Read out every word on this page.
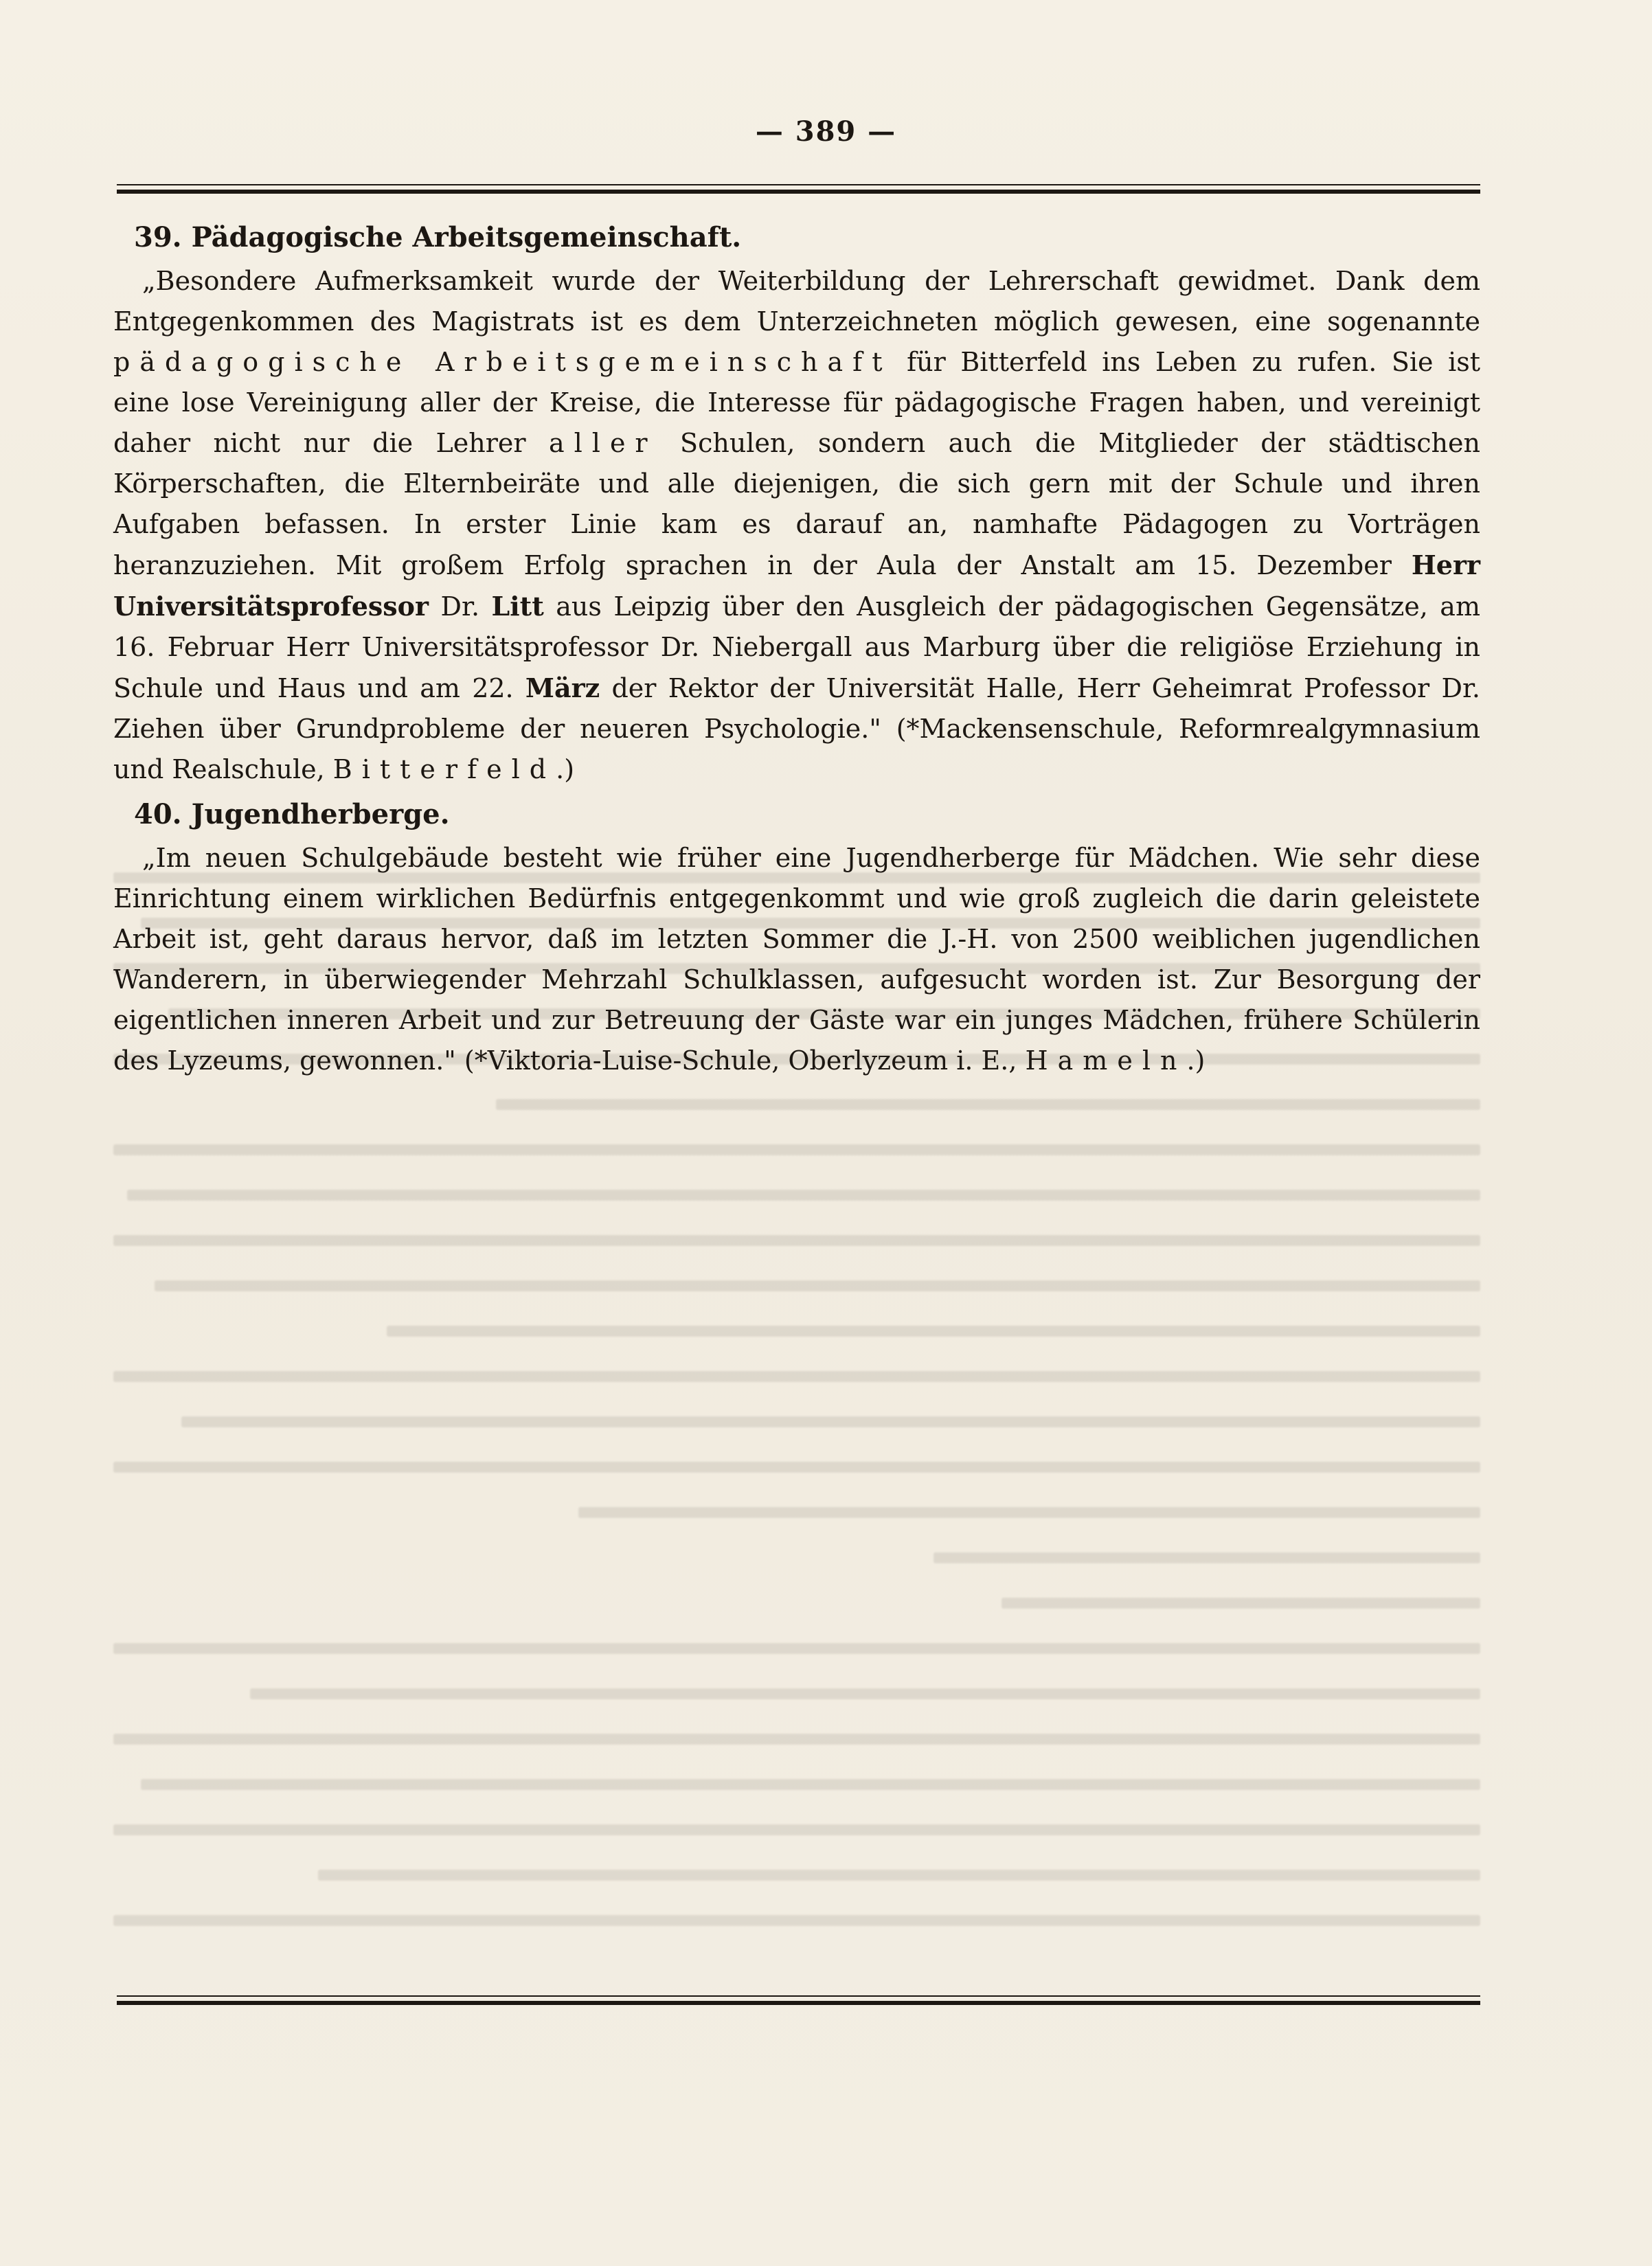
— 389 —
39. Pädagogische Arbeitsgemeinschaft.

„Besondere Aufmerksamkeit wurde der Weiterbildung der Lehrerschaft gewidmet. Dank dem Entgegenkommen des Magistrats ist es dem Unterzeichneten möglich gewesen, eine sogenannte pädagogische Arbeitsgemeinschaft für Bitterfeld ins Leben zu rufen. Sie ist eine lose Vereinigung aller der Kreise, die Interesse für pädagogische Fragen haben, und vereinigt daher nicht nur die Lehrer aller Schulen, sondern auch die Mitglieder der städtischen Körperschaften, die Elternbeiräte und alle diejenigen, die sich gern mit der Schule und ihren Aufgaben befassen. In erster Linie kam es darauf an, namhafte Pädagogen zu Vorträgen heranzuziehen. Mit großem Erfolg sprachen in der Aula der Anstalt am 15. Dezember Herr Universitätsprofessor Dr. Litt aus Leipzig über den Ausgleich der pädagogischen Gegensätze, am 16. Februar Herr Universitätsprofessor Dr. Niebergall aus Marburg über die religiöse Erziehung in Schule und Haus und am 22. März der Rektor der Universität Halle, Herr Geheimrat Professor Dr. Ziehen über Grundprobleme der neueren Psychologie." (*Mackensenschule, Reformrealgymnasium und Realschule, Bitterfeld.)

40. Jugendherberge.

„Im neuen Schulgebäude besteht wie früher eine Jugendherberge für Mädchen. Wie sehr diese Einrichtung einem wirklichen Bedürfnis entgegenkommt und wie groß zugleich die darin geleistete Arbeit ist, geht daraus hervor, daß im letzten Sommer die J.-H. von 2500 weiblichen jugendlichen Wanderern, in überwiegender Mehrzahl Schulklassen, aufgesucht worden ist. Zur Besorgung der eigentlichen inneren Arbeit und zur Betreuung der Gäste war ein junges Mädchen, frühere Schülerin des Lyzeums, gewonnen." (*Viktoria-Luise-Schule, Oberlyzeum i. E., Hameln.)
